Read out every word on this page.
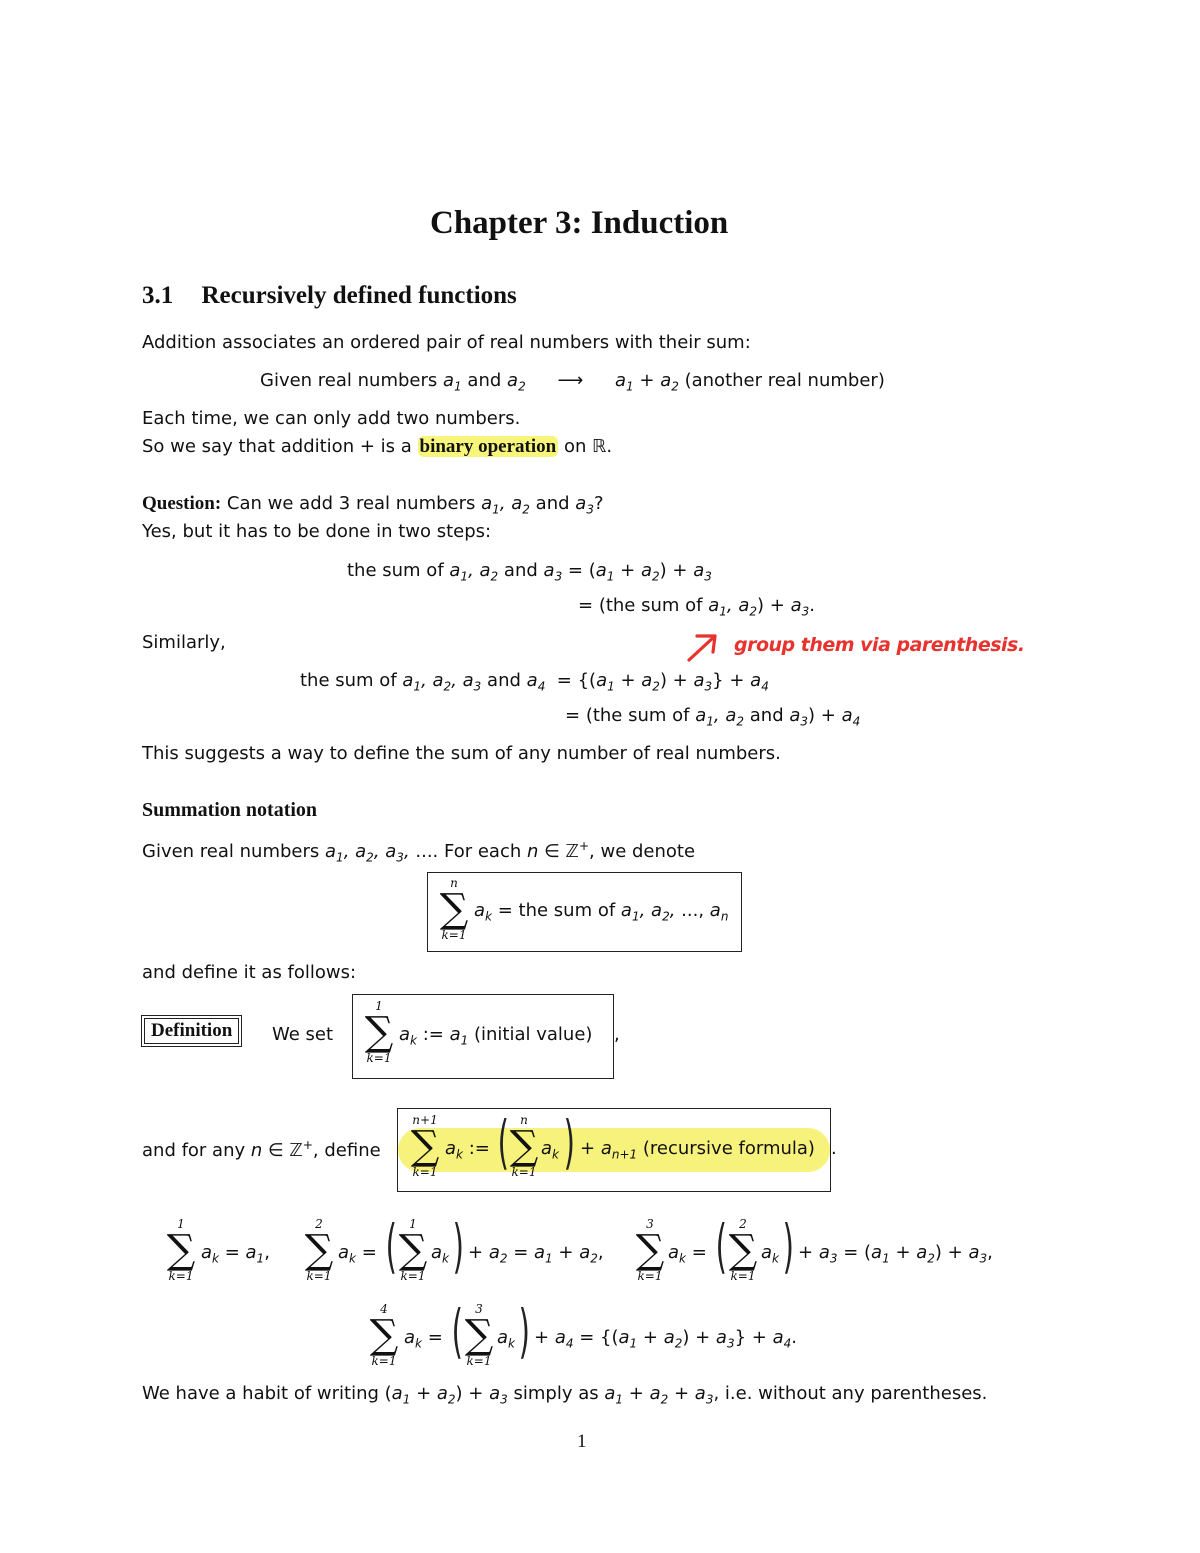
Chapter 3: Induction
3.1 Recursively defined functions
Addition associates an ordered pair of real numbers with their sum:
Given real numbers $a_1$ and $a_2$ ⟶ $a_1 + a_2$ (another real number)
Each time, we can only add two numbers.
So we say that addition + is a binary operation on ℝ.
Question: Can we add 3 real numbers $a_1$, $a_2$ and $a_3$?
Yes, but it has to be done in two steps:
the sum of $a_1$, $a_2$ and $a_3 = (a_1 + a_2) + a_3$
= (the sum of $a_1$, $a_2) + a_3$.
Similarly,	group them via parenthesis.
the sum of $a_1$, $a_2$, $a_3$ and $a_4 = \{(a_1 + a_2) + a_3\} + a_4$
= (the sum of $a_1$, $a_2$ and $a_3) + a_4$
This suggests a way to define the sum of any number of real numbers.
Summation notation
Given real numbers $a_1$, $a_2$, $a_3$, .... For each n ∈ ℤ+, we denote
n
∑
k=1
$a_k$ = the sum of $a_1$, $a_2$, ..., $a_n$
and define it as follows:
Definition	We set
1
∑
k=1
$a_k$ := $a_1$ (initial value) ,
and for any n ∈ ℤ+, define
n+1
∑
k=1
$a_k$ := ( n
∑
k=1
$a_k$ ) + $a_{n+1}$ (recursive formula) .
1
∑
k=1
$a_k = a_1$,
2
∑
k=1
$a_k$ = (	1
∑
k=1
$a_k$ ) + $a_2 = a_1 + a_2$,
3
∑
k=1
$a_k$ = (	2
∑
k=1
$a_k$ ) + $a_3 = (a_1 + a_2) + a_3$,
4
∑
k=1
$a_k$ = (	3
∑
k=1
$a_k$ ) + $a_4 = \{(a_1 + a_2) + a_3\} + a_4$.
We have a habit of writing $(a_1 + a_2) + a_3$ simply as $a_1 + a_2 + a_3$, i.e. without any parentheses.
1
